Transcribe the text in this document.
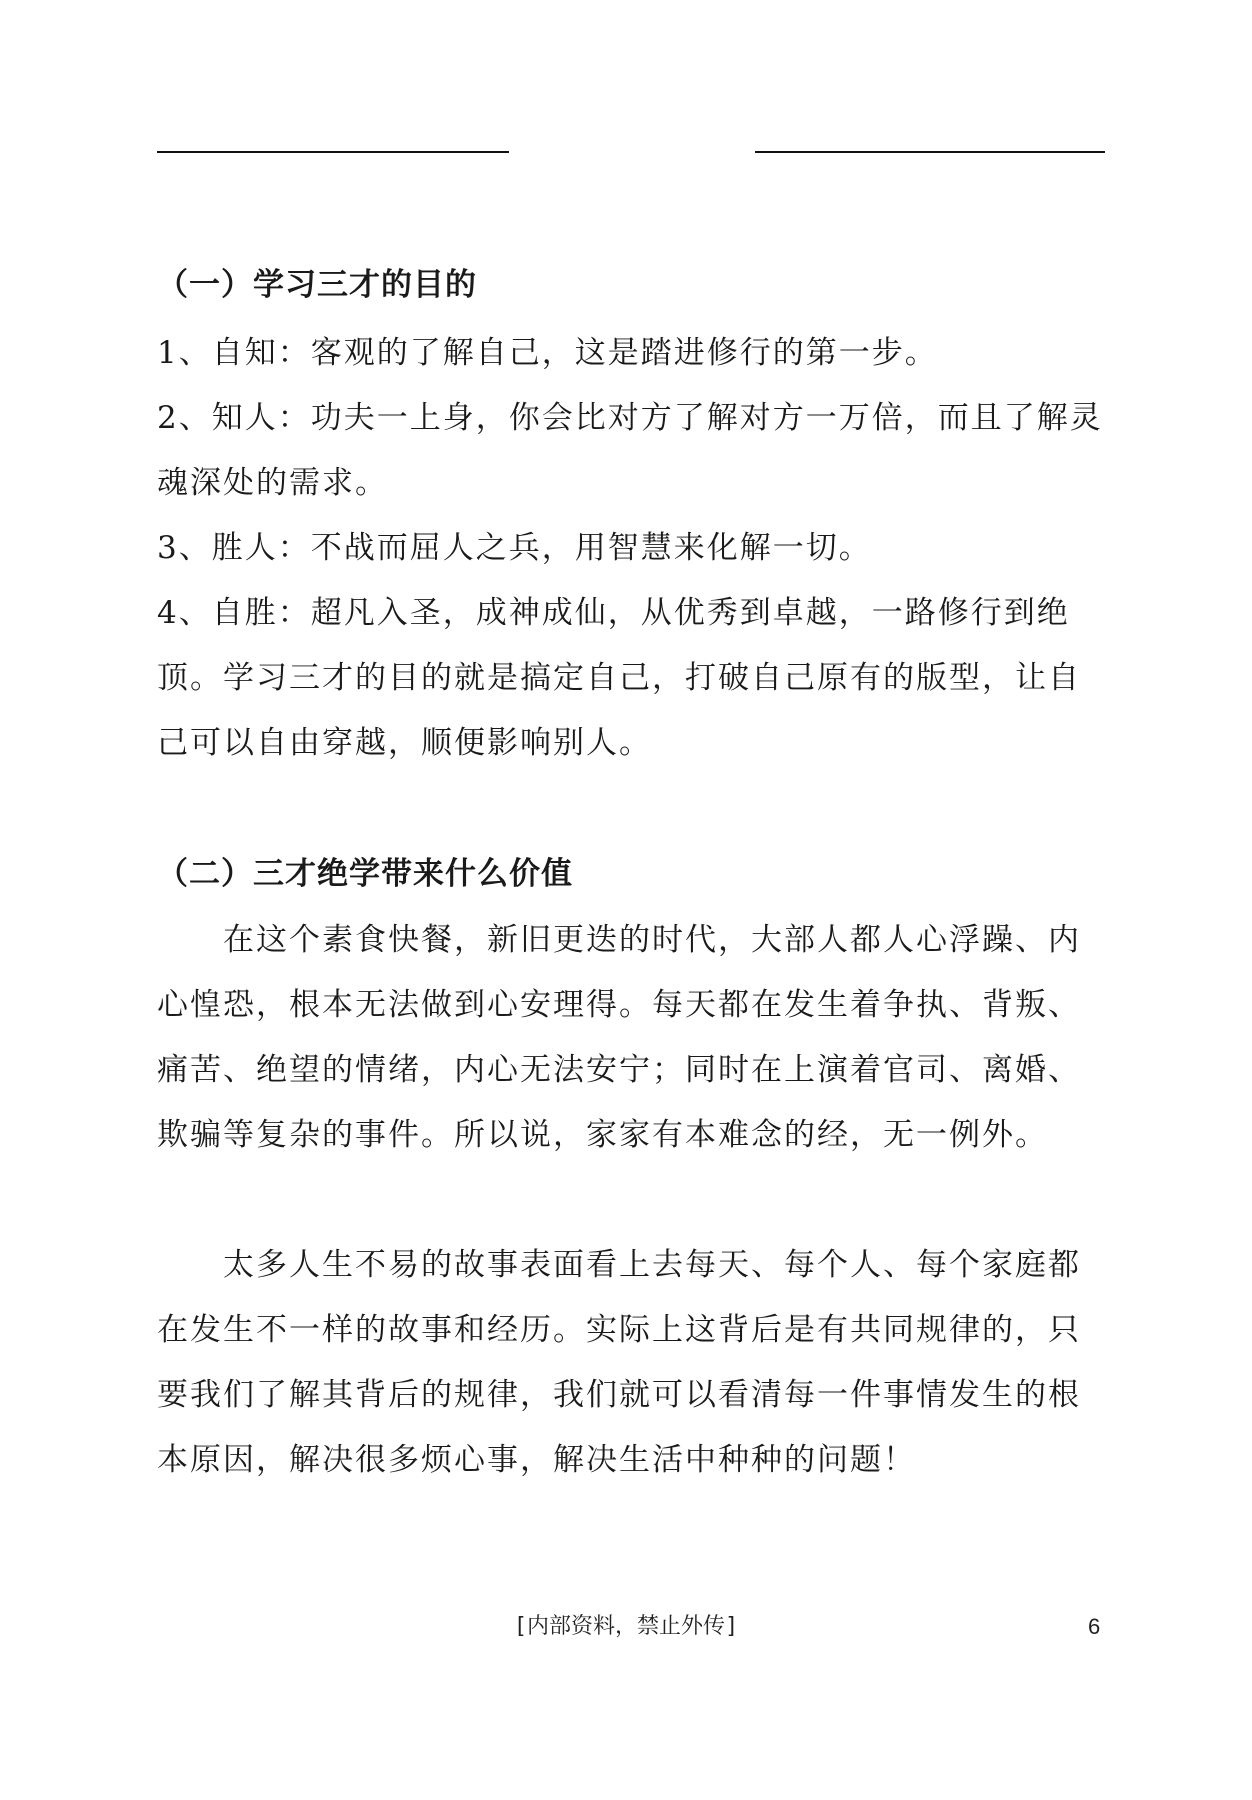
（一）学习三才的目的

1、自知：客观的了解自己，这是踏进修行的第一步。

2、知人：功夫一上身，你会比对方了解对方一万倍，而且了解灵魂深处的需求。

3、胜人：不战而屈人之兵，用智慧来化解一切。

4、自胜：超凡入圣，成神成仙，从优秀到卓越，一路修行到绝顶。学习三才的目的就是搞定自己，打破自己原有的版型，让自己可以自由穿越，顺便影响别人。

（二）三才绝学带来什么价值

在这个素食快餐，新旧更迭的时代，大部人都人心浮躁、内心惶恐，根本无法做到心安理得。每天都在发生着争执、背叛、痛苦、绝望的情绪，内心无法安宁；同时在上演着官司、离婚、欺骗等复杂的事件。所以说，家家有本难念的经，无一例外。

太多人生不易的故事表面看上去每天、每个人、每个家庭都在发生不一样的故事和经历。实际上这背后是有共同规律的，只要我们了解其背后的规律，我们就可以看清每一件事情发生的根本原因，解决很多烦心事，解决生活中种种的问题！

[内部资料，禁止外传]	6
